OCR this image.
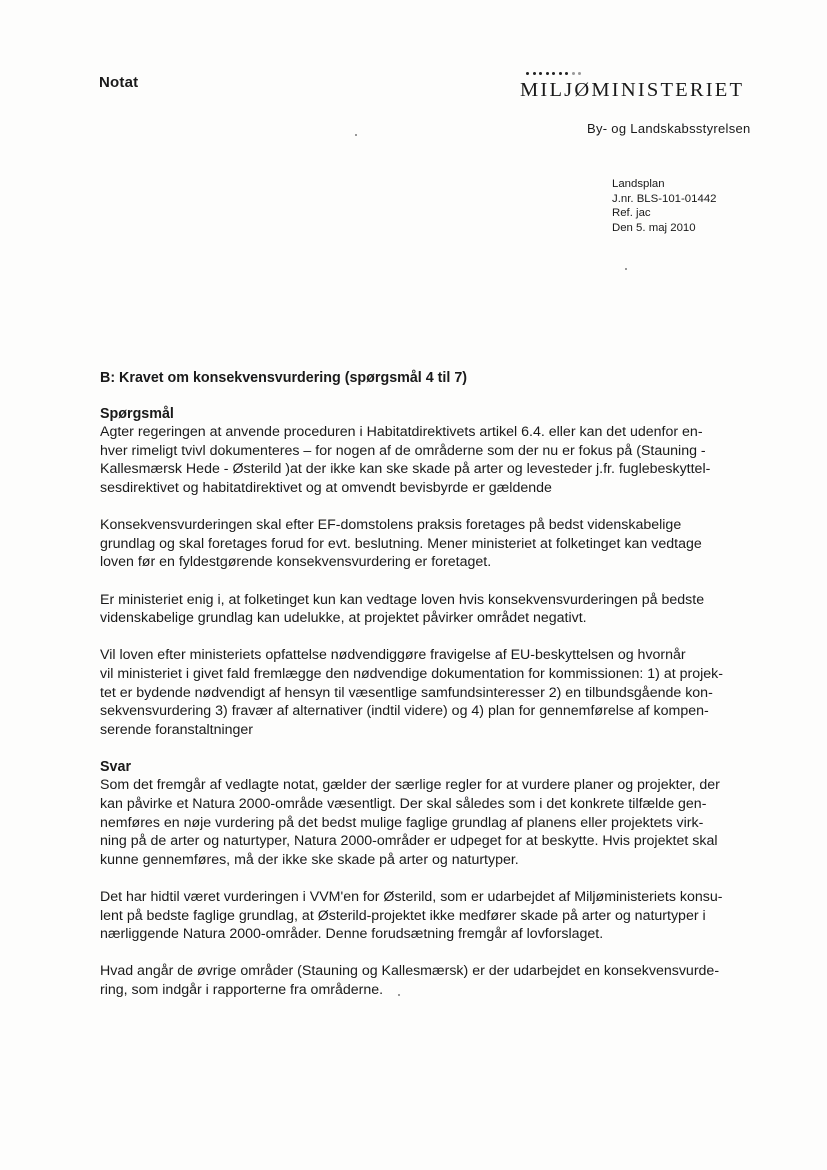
Notat	MILJØMINISTERIET
By- og Landskabsstyrelsen
Landsplan
J.nr. BLS-101-01442
Ref. jac
Den 5. maj 2010
B: Kravet om konsekvensvurdering (spørgsmål 4 til 7)
Spørgsmål

Agter regeringen at anvende proceduren i Habitatdirektivets artikel 6.4. eller kan det udenfor en-
hver rimeligt tvivl dokumenteres – for nogen af de områderne som der nu er fokus på (Stauning -
Kallesmærsk Hede - Østerild )at der ikke kan ske skade på arter og levesteder j.fr. fuglebeskyttel-
sesdirektivet og habitatdirektivet og at omvendt bevisbyrde er gældende

Konsekvensvurderingen skal efter EF-domstolens praksis foretages på bedst videnskabelige
grundlag og skal foretages forud for evt. beslutning. Mener ministeriet at folketinget kan vedtage
loven før en fyldestgørende konsekvensvurdering er foretaget.

Er ministeriet enig i, at folketinget kun kan vedtage loven hvis konsekvensvurderingen på bedste
videnskabelige grundlag kan udelukke, at projektet påvirker området negativt.

Vil loven efter ministeriets opfattelse nødvendiggøre fravigelse af EU-beskyttelsen og hvornår
vil ministeriet i givet fald fremlægge den nødvendige dokumentation for kommissionen: 1) at projek-
tet er bydende nødvendigt af hensyn til væsentlige samfundsinteresser 2) en tilbundsgående kon-
sekvensvurdering 3) fravær af alternativer (indtil videre) og 4) plan for gennemførelse af kompen-
serende foranstaltninger

Svar

Som det fremgår af vedlagte notat, gælder der særlige regler for at vurdere planer og projekter, der
kan påvirke et Natura 2000-område væsentligt. Der skal således som i det konkrete tilfælde gen-
nemføres en nøje vurdering på det bedst mulige faglige grundlag af planens eller projektets virk-
ning på de arter og naturtyper, Natura 2000-områder er udpeget for at beskytte. Hvis projektet skal
kunne gennemføres, må der ikke ske skade på arter og naturtyper.

Det har hidtil været vurderingen i VVM'en for Østerild, som er udarbejdet af Miljøministeriets konsu-
lent på bedste faglige grundlag, at Østerild-projektet ikke medfører skade på arter og naturtyper i
nærliggende Natura 2000-områder. Denne forudsætning fremgår af lovforslaget.

Hvad angår de øvrige områder (Stauning og Kallesmærsk) er der udarbejdet en konsekvensvurde-
ring, som indgår i rapporterne fra områderne.
